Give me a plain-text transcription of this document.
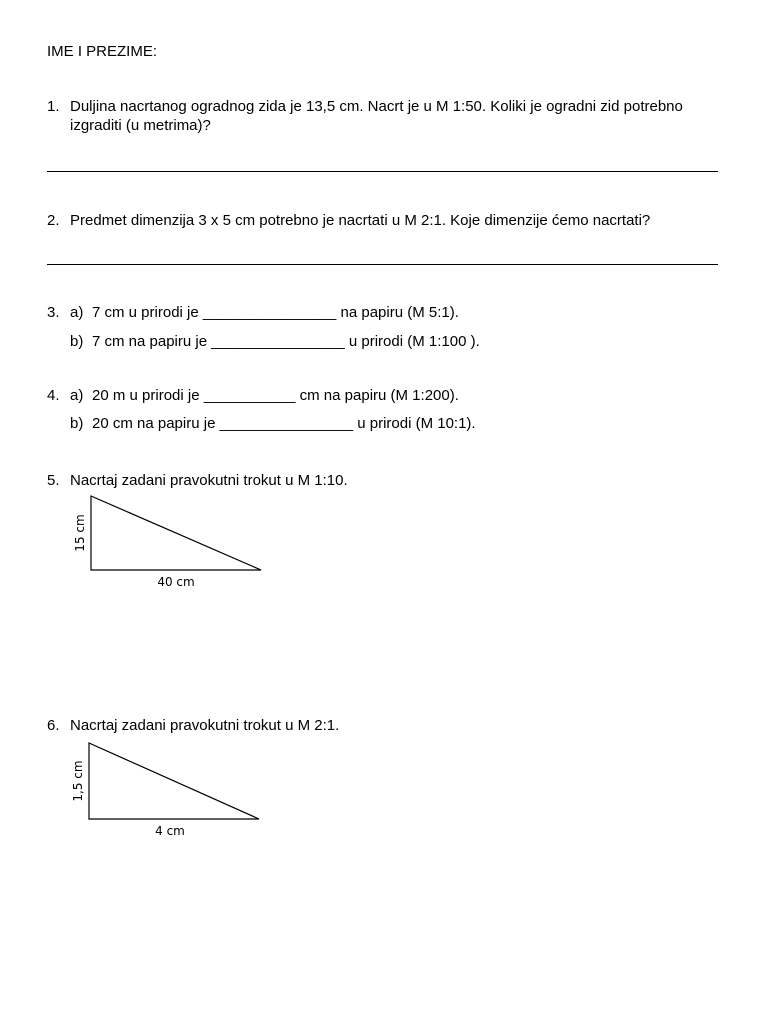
IME I PREZIME:
1. Duljina nacrtanog ogradnog zida je 13,5 cm. Nacrt je u M 1:50. Koliki je ogradni zid potrebno
izgraditi (u metrima)?
2. Predmet dimenzija 3 x 5 cm potrebno je nacrtati u M 2:1. Koje dimenzije ćemo nacrtati?
3. a) 7 cm u prirodi je ________________ na papiru (M 5:1).
b) 7 cm na papiru je ________________ u prirodi (M 1:100 ).
4. a) 20 m u prirodi je ___________ cm na papiru (M 1:200).
b) 20 cm na papiru je ________________ u prirodi (M 10:1).
5. Nacrtaj zadani pravokutni trokut u M 1:10.
15 cm
40 cm
6. Nacrtaj zadani pravokutni trokut u M 2:1.
1,5 cm
4 cm
